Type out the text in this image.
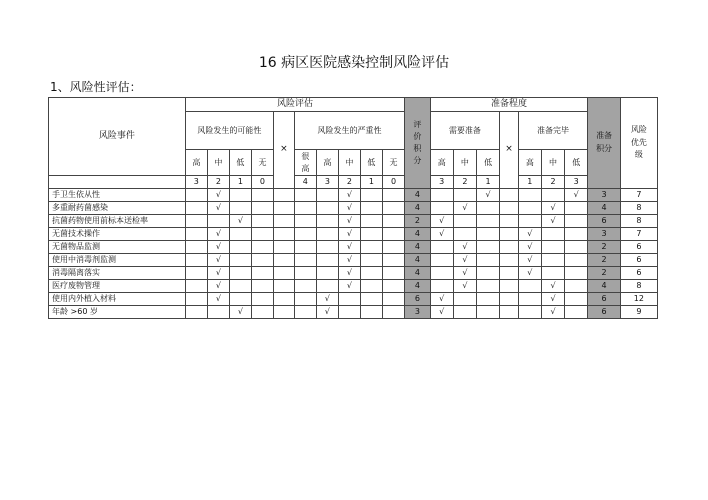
16 病区医院感染控制风险评估
1、风险性评估：
风险事件	风险评估										评价积分	准备程度							准备积分	风险优先级

	风险发生的可能性				×	风险发生的严重性						需要准备			×	准备完毕				
	高	中	低	无		很高	高	中	低	无		高	中	低		高	中	低		
	3	2	1	0		4	3	2	1	0		3	2	1		1	2	3		
手卫生依从性		√						√			4			√				√	3	7
多重耐药菌感染		√						√			4		√				√		4	8
抗菌药物使用前标本送检率			√					√			2	√					√		6	8
无菌技术操作		√						√			4	√				√			3	7
无菌物品监测		√						√			4		√			√			2	6
使用中消毒剂监测		√						√			4		√			√			2	6
消毒隔离落实		√						√			4		√			√			2	6
医疗废物管理		√						√			4		√				√		4	8
使用内外植入材料		√					√				6	√					√		6	12
年龄 >60 岁			√				√				3	√					√		6	9
